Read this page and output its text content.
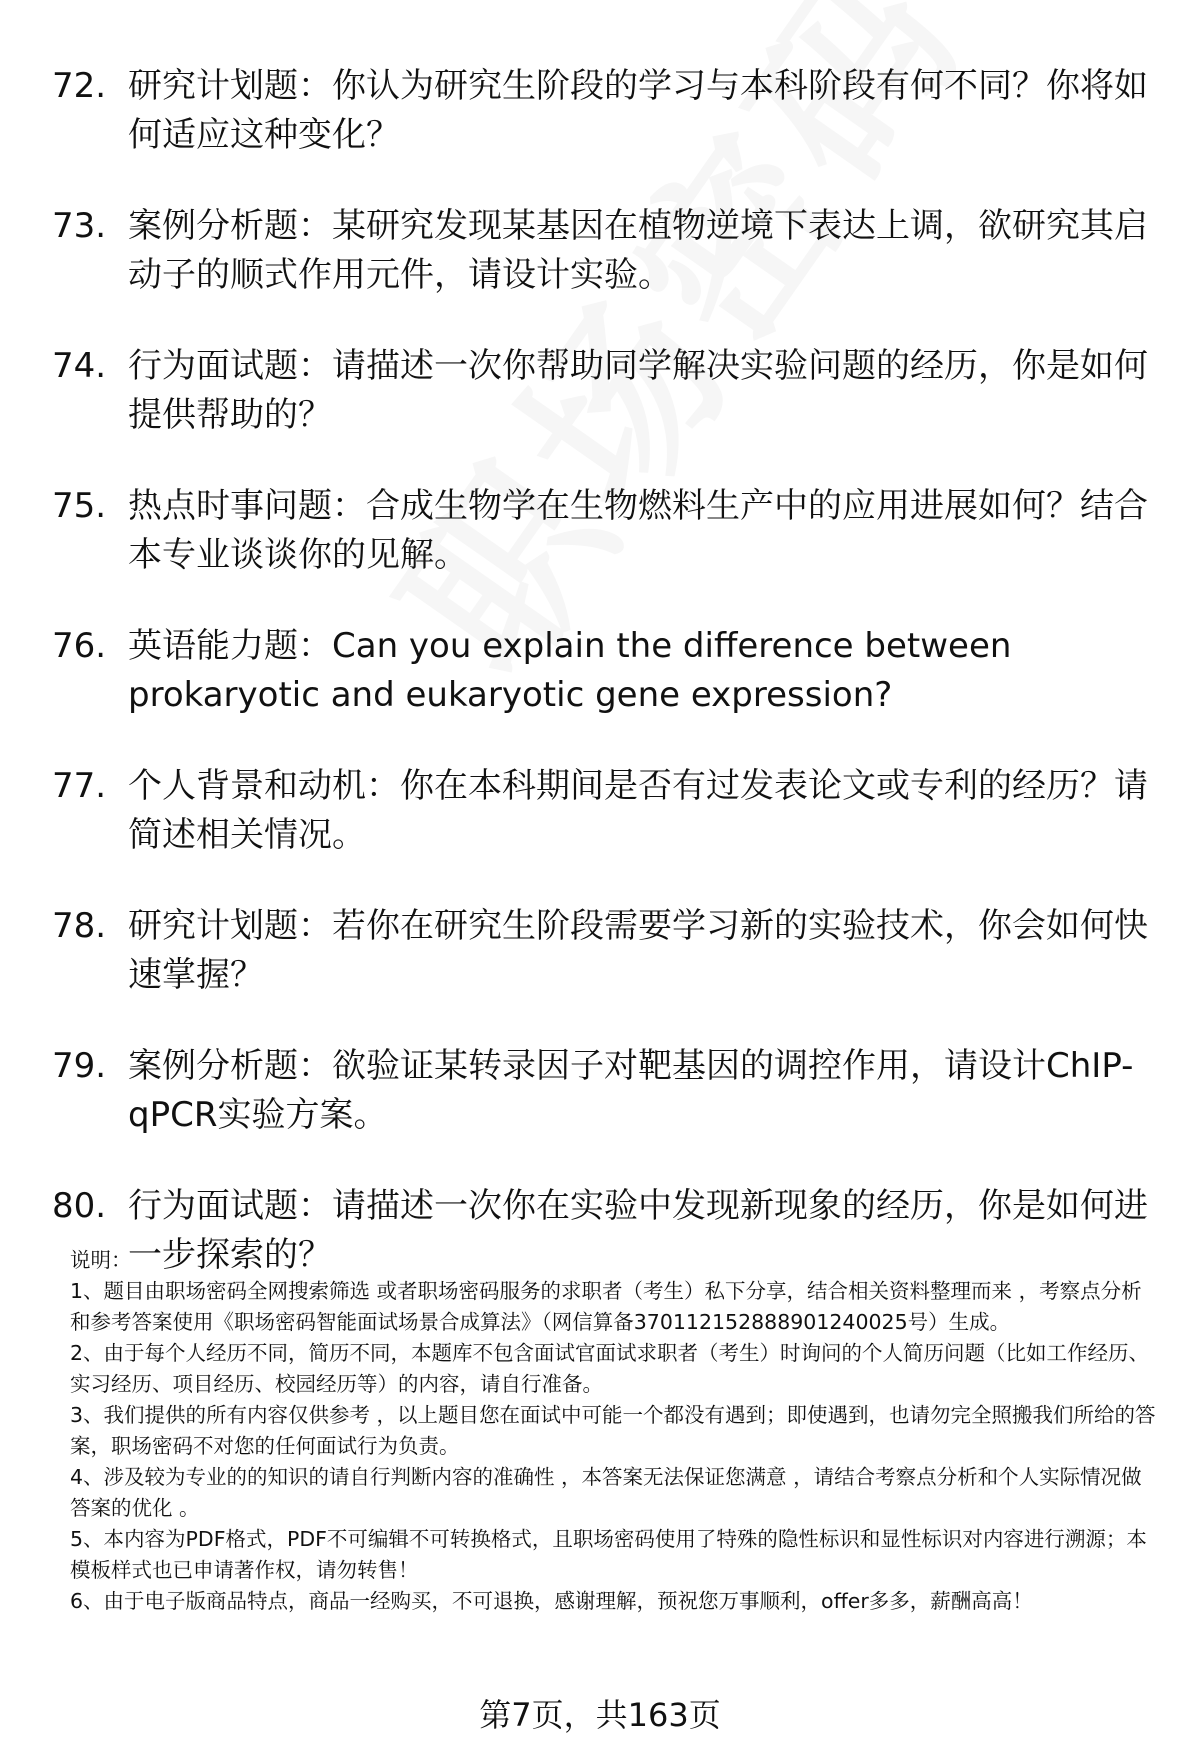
72. 研究计划题：你认为研究生阶段的学习与本科阶段有何不同？你将如何适应这种变化？
73. 案例分析题：某研究发现某基因在植物逆境下表达上调，欲研究其启动子的顺式作用元件，请设计实验。
74. 行为面试题：请描述一次你帮助同学解决实验问题的经历，你是如何提供帮助的？
75. 热点时事问题：合成生物学在生物燃料生产中的应用进展如何？结合本专业谈谈你的见解。
76. 英语能力题：Can you explain the difference between prokaryotic and eukaryotic gene expression?
77. 个人背景和动机：你在本科期间是否有过发表论文或专利的经历？请简述相关情况。
78. 研究计划题：若你在研究生阶段需要学习新的实验技术，你会如何快速掌握？
79. 案例分析题：欲验证某转录因子对靶基因的调控作用，请设计ChIP-qPCR实验方案。
80. 行为面试题：请描述一次你在实验中发现新现象的经历，你是如何进一步探索的？

说明：

1、题目由职场密码全网搜索筛选 或者职场密码服务的求职者（考生）私下分享，结合相关资料整理而来 ，考察点分析和参考答案使用《职场密码智能面试场景合成算法》（网信算备370112152888901240025号）生成。

2、由于每个人经历不同，简历不同，本题库不包含面试官面试求职者（考生）时询问的个人简历问题（比如工作经历、实习经历、项目经历、校园经历等）的内容，请自行准备。

3、我们提供的所有内容仅供参考 ，以上题目您在面试中可能一个都没有遇到；即使遇到，也请勿完全照搬我们所给的答案，职场密码不对您的任何面试行为负责。

4、涉及较为专业的的知识的请自行判断内容的准确性 ，本答案无法保证您满意 ，请结合考察点分析和个人实际情况做答案的优化 。

5、本内容为PDF格式，PDF不可编辑不可转换格式，且职场密码使用了特殊的隐性标识和显性标识对内容进行溯源；本模板样式也已申请著作权，请勿转售！

6、由于电子版商品特点，商品一经购买，不可退换，感谢理解，预祝您万事顺利，offer多多，薪酬高高！

第7页，共163页
